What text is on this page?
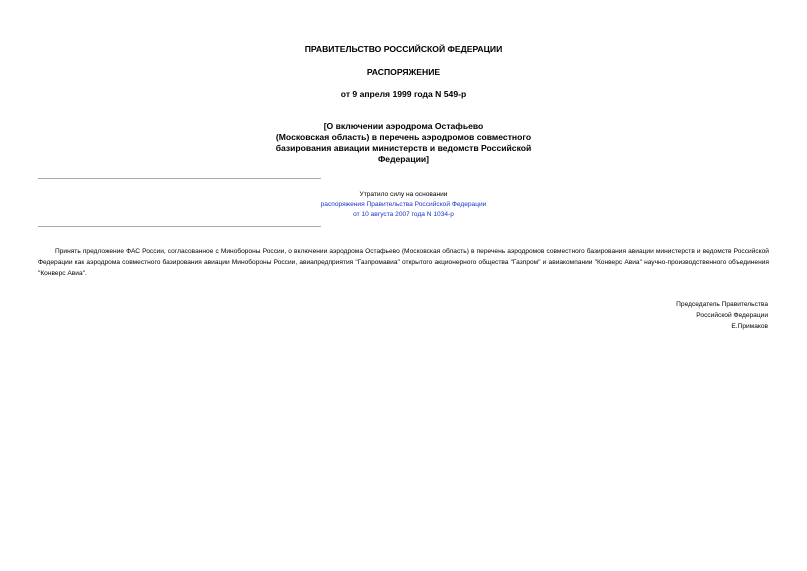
ПРАВИТЕЛЬСТВО РОССИЙСКОЙ ФЕДЕРАЦИИ
РАСПОРЯЖЕНИЕ
от 9 апреля 1999 года N 549-р
[О включении аэродрома Остафьево
(Московская область) в перечень аэродромов совместного
базирования авиации министерств и ведомств Российской
Федерации]
Утратило силу на основании
распоряжения Правительства Российской Федерации
от 10 августа 2007 года N 1034-р
Принять предложение ФАС России, согласованное с Минобороны России, о включении аэродрома Остафьево (Московская область) в перечень аэродромов совместного базирования авиации министерств и ведомств Российской Федерации как аэродрома совместного базирования авиации Минобороны России, авиапредприятия "Газпромавиа" открытого акционерного общества "Газпром" и авиакомпании "Конверс Авиа" научно-производственного объединения "Конверс Авиа".
Председатель Правительства
Российской Федерации
Е.Примаков
